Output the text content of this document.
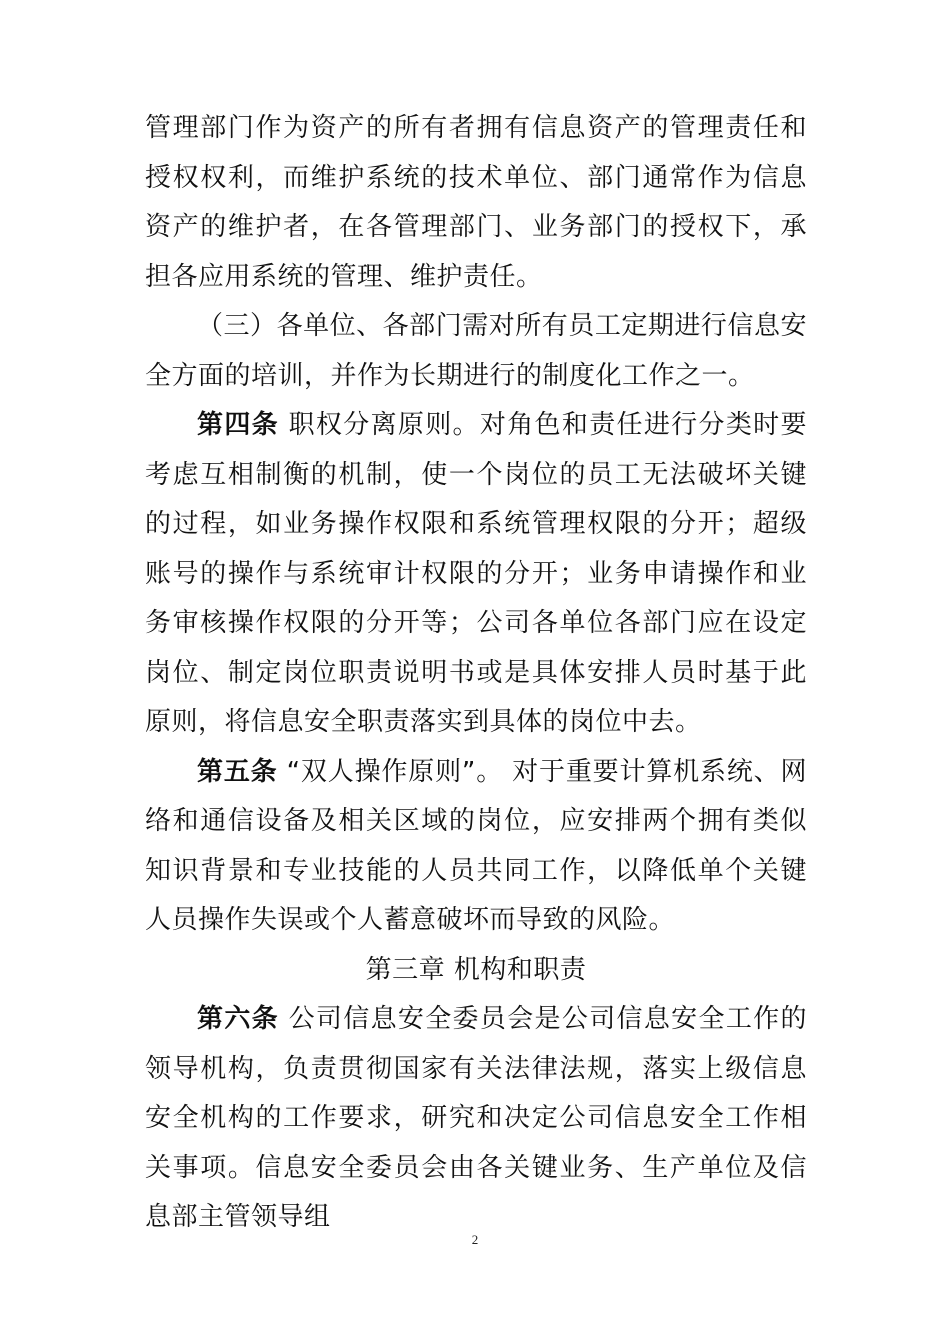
管理部门作为资产的所有者拥有信息资产的管理责任和授权权利，而维护系统的技术单位、部门通常作为信息资产的维护者，在各管理部门、业务部门的授权下，承担各应用系统的管理、维护责任。

（三）各单位、各部门需对所有员工定期进行信息安全方面的培训，并作为长期进行的制度化工作之一。

第四条 职权分离原则。对角色和责任进行分类时要考虑互相制衡的机制，使一个岗位的员工无法破坏关键的过程，如业务操作权限和系统管理权限的分开；超级账号的操作与系统审计权限的分开；业务申请操作和业务审核操作权限的分开等；公司各单位各部门应在设定岗位、制定岗位职责说明书或是具体安排人员时基于此原则，将信息安全职责落实到具体的岗位中去。

第五条 “双人操作原则”。 对于重要计算机系统、网络和通信设备及相关区域的岗位，应安排两个拥有类似知识背景和专业技能的人员共同工作，以降低单个关键人员操作失误或个人蓄意破坏而导致的风险。

第三章 机构和职责

第六条 公司信息安全委员会是公司信息安全工作的领导机构，负责贯彻国家有关法律法规，落实上级信息安全机构的工作要求，研究和决定公司信息安全工作相关事项。信息安全委员会由各关键业务、生产单位及信息部主管领导组

2
